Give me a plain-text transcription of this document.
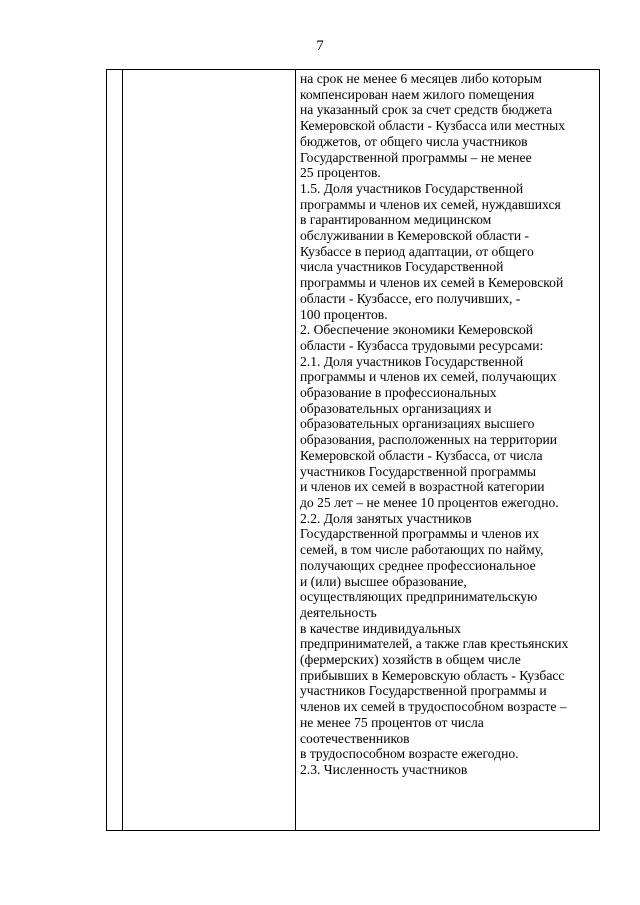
7

на срок не менее 6 месяцев либо которым
компенсирован наем жилого помещения
на указанный срок за счет средств бюджета
Кемеровской области - Кузбасса или местных
бюджетов, от общего числа участников
Государственной программы – не менее
25 процентов.
1.5. Доля участников Государственной
программы и членов их семей, нуждавшихся
в гарантированном медицинском
обслуживании в Кемеровской области -
Кузбассе в период адаптации, от общего
числа участников Государственной
программы и членов их семей в Кемеровской
области - Кузбассе, его получивших, -
100 процентов.
2. Обеспечение экономики Кемеровской
области - Кузбасса трудовыми ресурсами:
2.1. Доля участников Государственной
программы и членов их семей, получающих
образование в профессиональных
образовательных организациях и
образовательных организациях высшего
образования, расположенных на территории
Кемеровской области - Кузбасса, от числа
участников Государственной программы
и членов их семей в возрастной категории
до 25 лет – не менее 10 процентов ежегодно.
2.2. Доля занятых участников
Государственной программы и членов их
семей, в том числе работающих по найму,
получающих среднее профессиональное
и (или) высшее образование,
осуществляющих предпринимательскую
деятельность
в качестве индивидуальных
предпринимателей, а также глав крестьянских
(фермерских) хозяйств в общем числе
прибывших в Кемеровскую область - Кузбасс
участников Государственной программы и
членов их семей в трудоспособном возрасте –
не менее 75 процентов от числа
соотечественников
в трудоспособном возрасте ежегодно.
2.3. Численность участников
